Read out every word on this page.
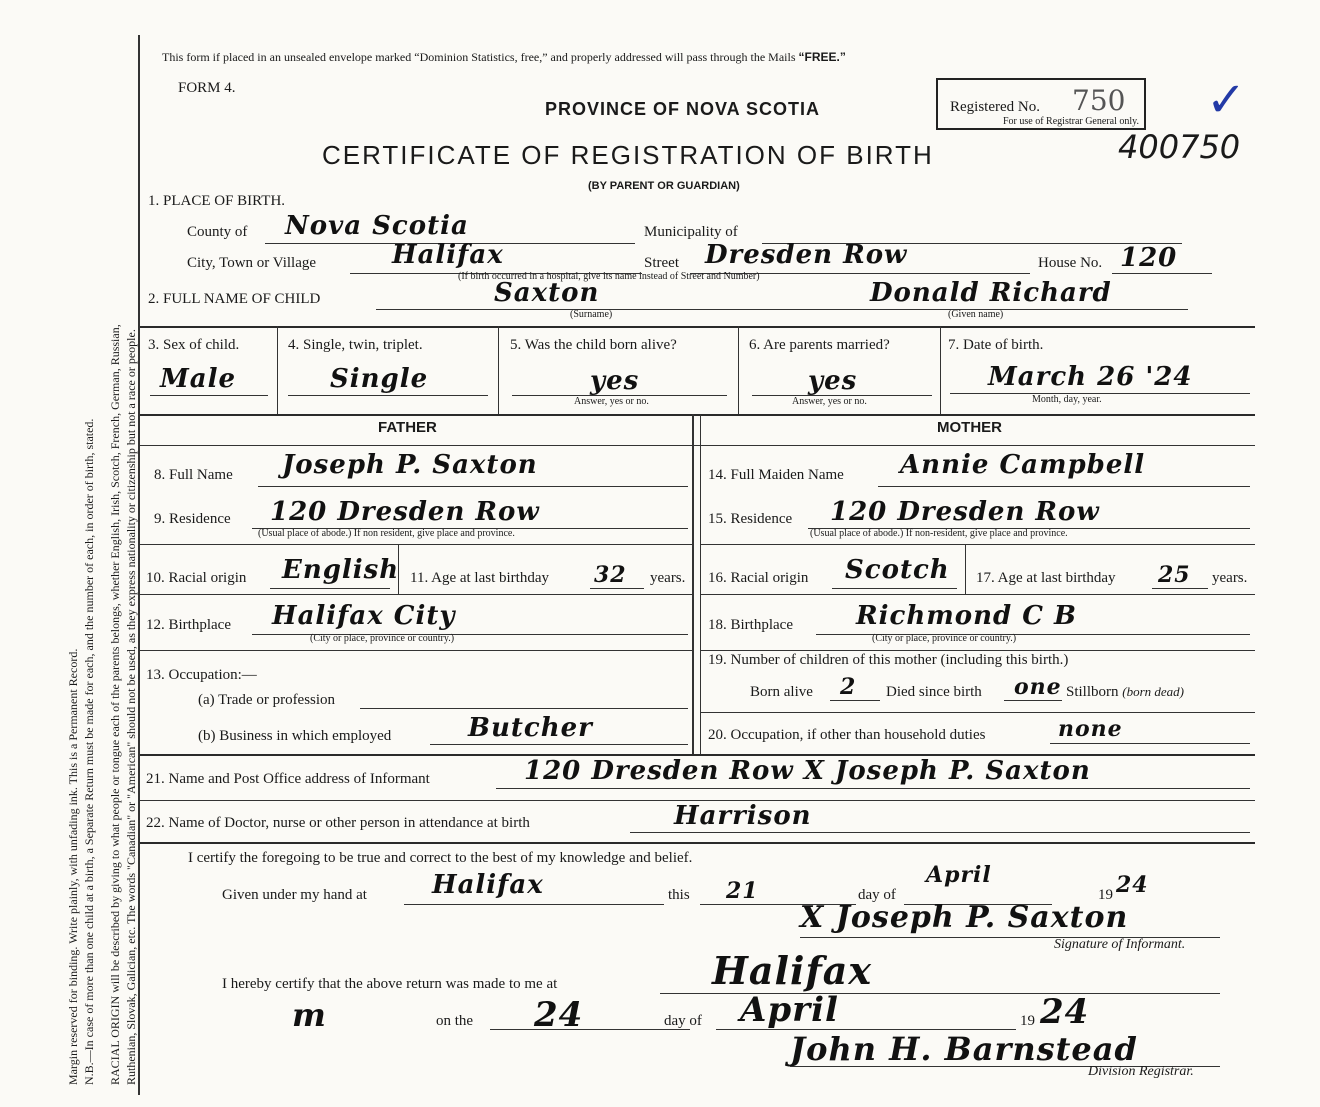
Margin reserved for binding. Write plainly, with unfading ink. This is a Permanent Record. N.B.—In case of more than one child at a birth, a Separate Return must be made for each, and the number of each, in order of birth, stated. RACIAL ORIGIN will be described by giving to what people or tongue each of the parents belongs, whether English, Irish, Scotch, French, German, Russian, Ruthenian, Slovak, Galician, etc. The words "Canadian" or "American" should not be used, as they express nationality or citizenship but not a race or people.
This form if placed in an unsealed envelope marked “Dominion Statistics, free,” and properly addressed will pass through the Mails “FREE.”
FORM 4.
PROVINCE OF NOVA SCOTIA
CERTIFICATE OF REGISTRATION OF BIRTH
(BY PARENT OR GUARDIAN)
Registered No. 750
For use of Registrar General only. ✓
400750
1. PLACE OF BIRTH.
County of Nova Scotia	Municipality of
City, Town or Village	Halifax	Street Dresden Row
(If birth occurred in a hospital, give its name instead of Street and Number)
House No. 120
2. FULL NAME OF CHILD	Saxton	Donald Richard
(Surname)	(Given name)
3. Sex of child.
Male
4. Single, twin, triplet.
Single
5. Was the child born alive?
yes
Answer, yes or no.
6. Are parents married?
yes
Answer, yes or no.
7. Date of birth.
March 26 '24
Month, day, year.
FATHER	MOTHER
8. Full Name Joseph P. Saxton
9. Residence 120 Dresden Row
(Usual place of abode.) If non resident, give place and province.
10. Racial origin English 11. Age at last birthday 32 years.
12. Birthplace Halifax City
(City or place, province or country.)
13. Occupation:—
(a) Trade or profession
(b) Business in which employed	Butcher
14. Full Maiden Name Annie Campbell
15. Residence 120 Dresden Row
(Usual place of abode.) If non-resident, give place and province.
16. Racial origin Scotch 17. Age at last birthday 25 years.
18. Birthplace Richmond C B
(City or place, province or country.)
19. Number of children of this mother (including this birth.)
Born alive 2 Died since birth one Stillborn (born dead)
20. Occupation, if other than household duties	none
21. Name and Post Office address of Informant	120 Dresden Row X Joseph P. Saxton
22. Name of Doctor, nurse or other person in attendance at birth	Harrison
I certify the foregoing to be true and correct to the best of my knowledge and belief.
Given under my hand at	Halifax	this 21	day of
April
19 24
X Joseph P. Saxton
Signature of Informant.
I hereby certify that the above return was made to me at	Halifax
m	on the 24	day of April	19 24
John H. Barnstead
Division Registrar.
